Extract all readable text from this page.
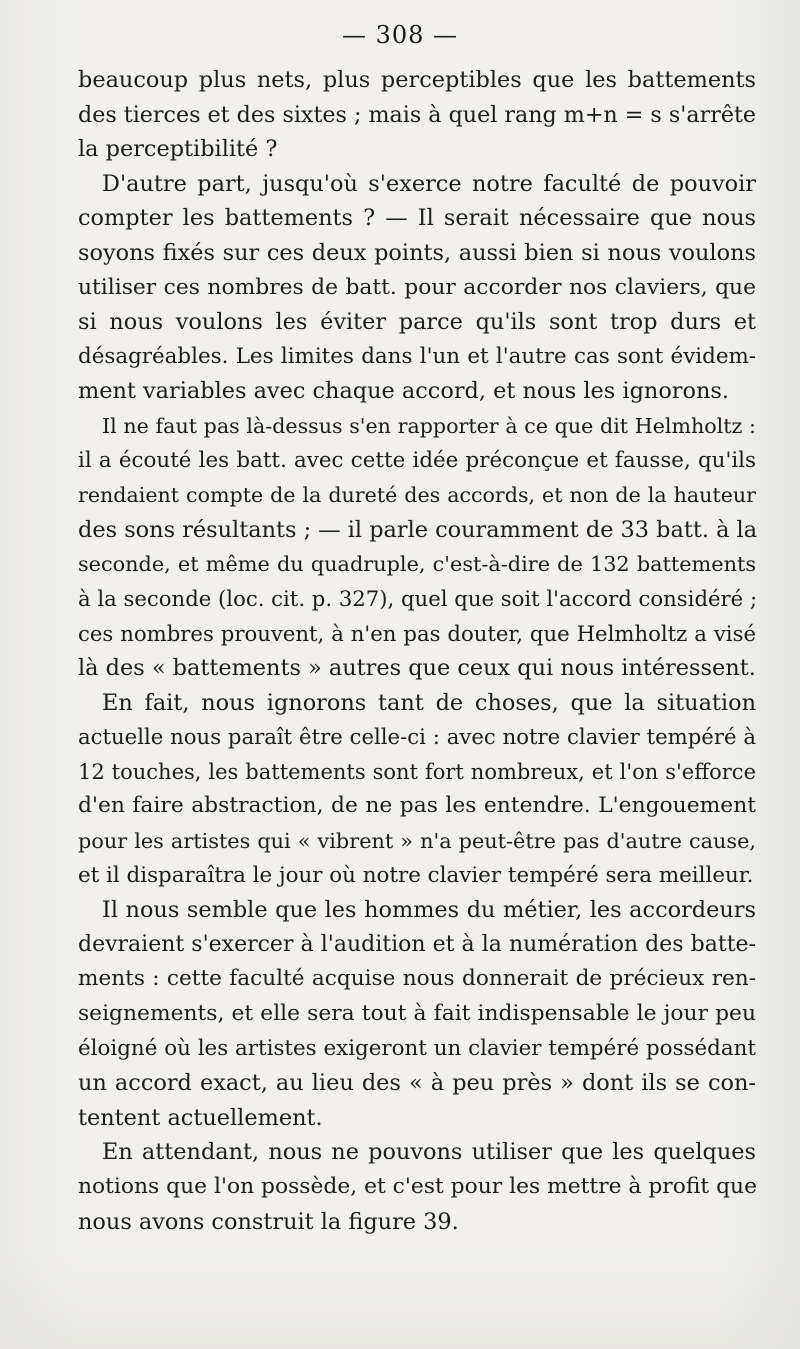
— 308 —
beaucoup plus nets, plus perceptibles que les battements
des tierces et des sixtes ; mais à quel rang m+n = s s'arrête
la perceptibilité ?
D'autre part, jusqu'où s'exerce notre faculté de pouvoir
compter les battements ? — Il serait nécessaire que nous
soyons fixés sur ces deux points, aussi bien si nous voulons
utiliser ces nombres de batt. pour accorder nos claviers, que
si nous voulons les éviter parce qu'ils sont trop durs et
désagréables. Les limites dans l'un et l'autre cas sont évidem-
ment variables avec chaque accord, et nous les ignorons.
Il ne faut pas là-dessus s'en rapporter à ce que dit Helmholtz :
il a écouté les batt. avec cette idée préconçue et fausse, qu'ils
rendaient compte de la dureté des accords, et non de la hauteur
des sons résultants ; — il parle couramment de 33 batt. à la
seconde, et même du quadruple, c'est-à-dire de 132 battements
à la seconde (loc. cit. p. 327), quel que soit l'accord considéré ;
ces nombres prouvent, à n'en pas douter, que Helmholtz a visé
là des « battements » autres que ceux qui nous intéressent.
En fait, nous ignorons tant de choses, que la situation
actuelle nous paraît être celle-ci : avec notre clavier tempéré à
12 touches, les battements sont fort nombreux, et l'on s'efforce
d'en faire abstraction, de ne pas les entendre. L'engouement
pour les artistes qui « vibrent » n'a peut-être pas d'autre cause,
et il disparaîtra le jour où notre clavier tempéré sera meilleur.
Il nous semble que les hommes du métier, les accordeurs
devraient s'exercer à l'audition et à la numération des batte-
ments : cette faculté acquise nous donnerait de précieux ren-
seignements, et elle sera tout à fait indispensable le jour peu
éloigné où les artistes exigeront un clavier tempéré possédant
un accord exact, au lieu des « à peu près » dont ils se con-
tentent actuellement.
En attendant, nous ne pouvons utiliser que les quelques
notions que l'on possède, et c'est pour les mettre à profit que
nous avons construit la figure 39.
